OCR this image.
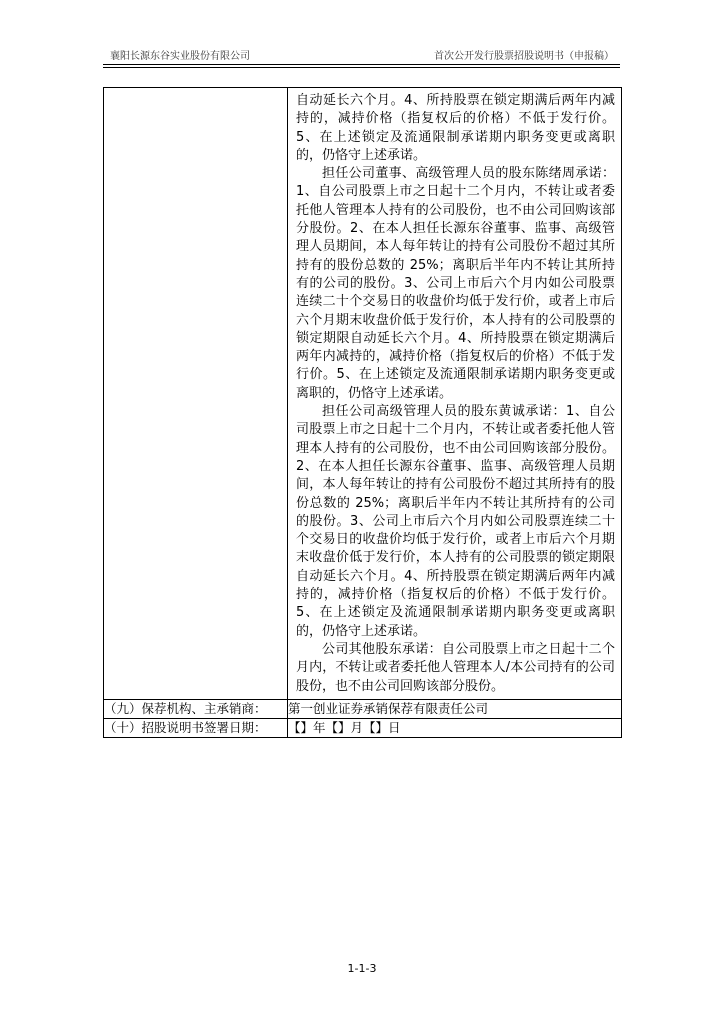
襄阳长源东谷实业股份有限公司	首次公开发行股票招股说明书（申报稿）

	自动延长六个月。4、所持股票在锁定期满后两年内减持的，减持价格（指复权后的价格）不低于发行价。5、在上述锁定及流通限制承诺期内职务变更或离职的，仍恪守上述承诺。

担任公司董事、高级管理人员的股东陈绪周承诺：1、自公司股票上市之日起十二个月内，不转让或者委托他人管理本人持有的公司股份，也不由公司回购该部分股份。2、在本人担任长源东谷董事、监事、高级管理人员期间，本人每年转让的持有公司股份不超过其所持有的股份总数的 25%；离职后半年内不转让其所持有的公司的股份。3、公司上市后六个月内如公司股票连续二十个交易日的收盘价均低于发行价，或者上市后六个月期末收盘价低于发行价，本人持有的公司股票的锁定期限自动延长六个月。4、所持股票在锁定期满后两年内减持的，减持价格（指复权后的价格）不低于发行价。5、在上述锁定及流通限制承诺期内职务变更或离职的，仍恪守上述承诺。

担任公司高级管理人员的股东黄诚承诺：1、自公司股票上市之日起十二个月内，不转让或者委托他人管理本人持有的公司股份，也不由公司回购该部分股份。2、在本人担任长源东谷董事、监事、高级管理人员期间，本人每年转让的持有公司股份不超过其所持有的股份总数的 25%；离职后半年内不转让其所持有的公司的股份。3、公司上市后六个月内如公司股票连续二十个交易日的收盘价均低于发行价，或者上市后六个月期末收盘价低于发行价，本人持有的公司股票的锁定期限自动延长六个月。4、所持股票在锁定期满后两年内减持的，减持价格（指复权后的价格）不低于发行价。5、在上述锁定及流通限制承诺期内职务变更或离职的，仍恪守上述承诺。

公司其他股东承诺：自公司股票上市之日起十二个月内，不转让或者委托他人管理本人/本公司持有的公司股份，也不由公司回购该部分股份。

（九）保荐机构、主承销商：	第一创业证券承销保荐有限责任公司
（十）招股说明书签署日期：	【】年【】月【】日
1-1-3
